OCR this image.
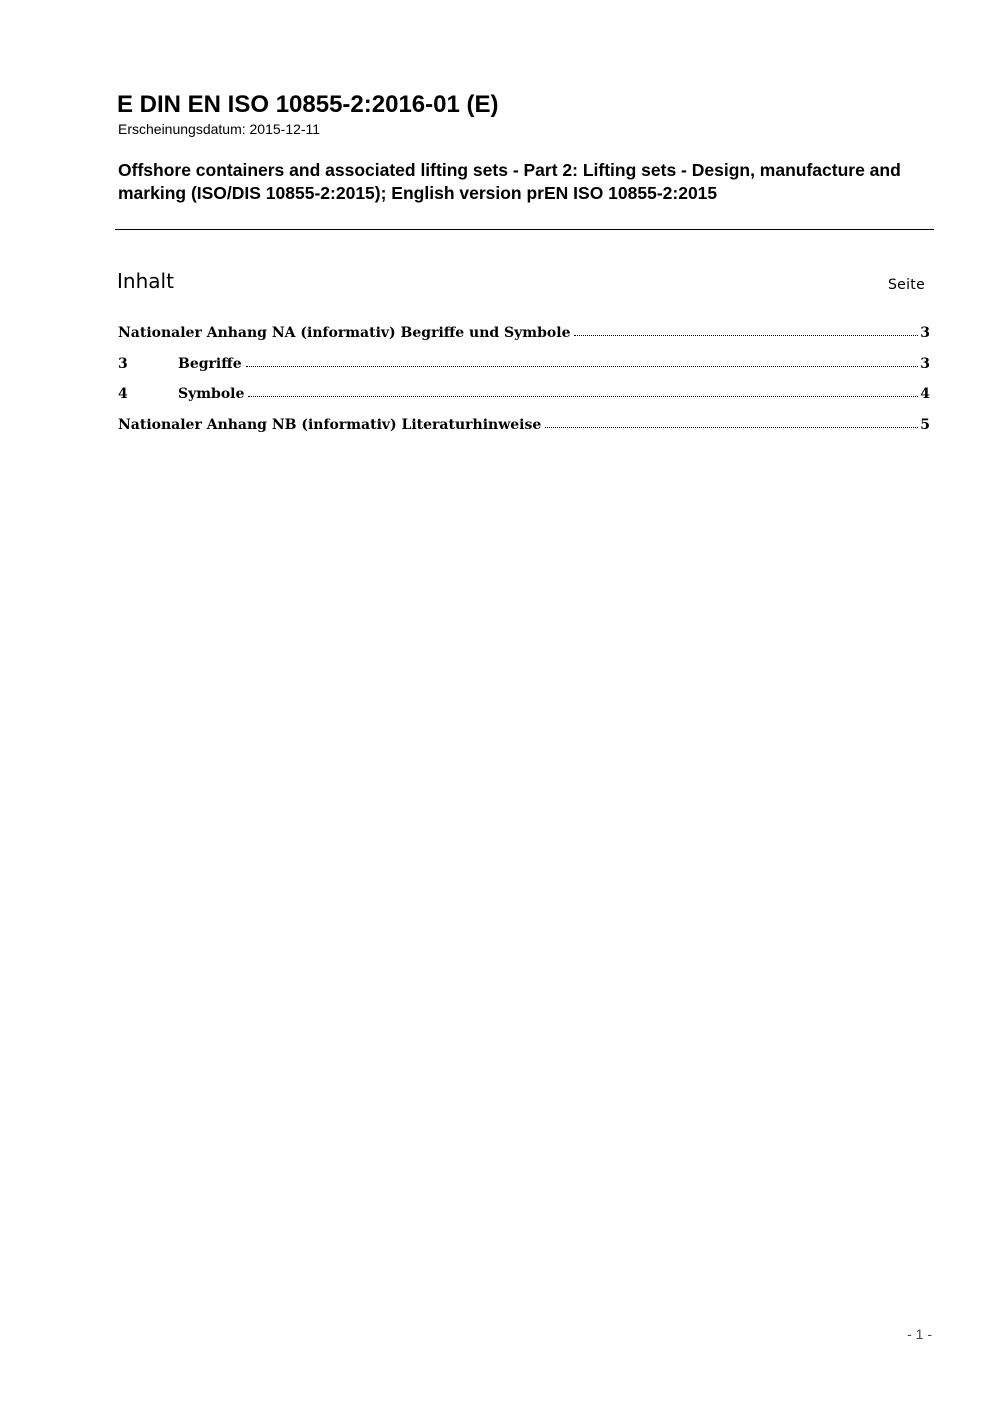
E DIN EN ISO 10855-2:2016-01 (E)
Erscheinungsdatum: 2015-12-11
Offshore containers and associated lifting sets - Part 2: Lifting sets - Design, manufacture and marking (ISO/DIS 10855-2:2015); English version prEN ISO 10855-2:2015
Inhalt	Seite
Nationaler Anhang NA (informativ) Begriffe und Symbole	3
3	Begriffe	3
4	Symbole	4
Nationaler Anhang NB (informativ) Literaturhinweise	5
- 1 -
